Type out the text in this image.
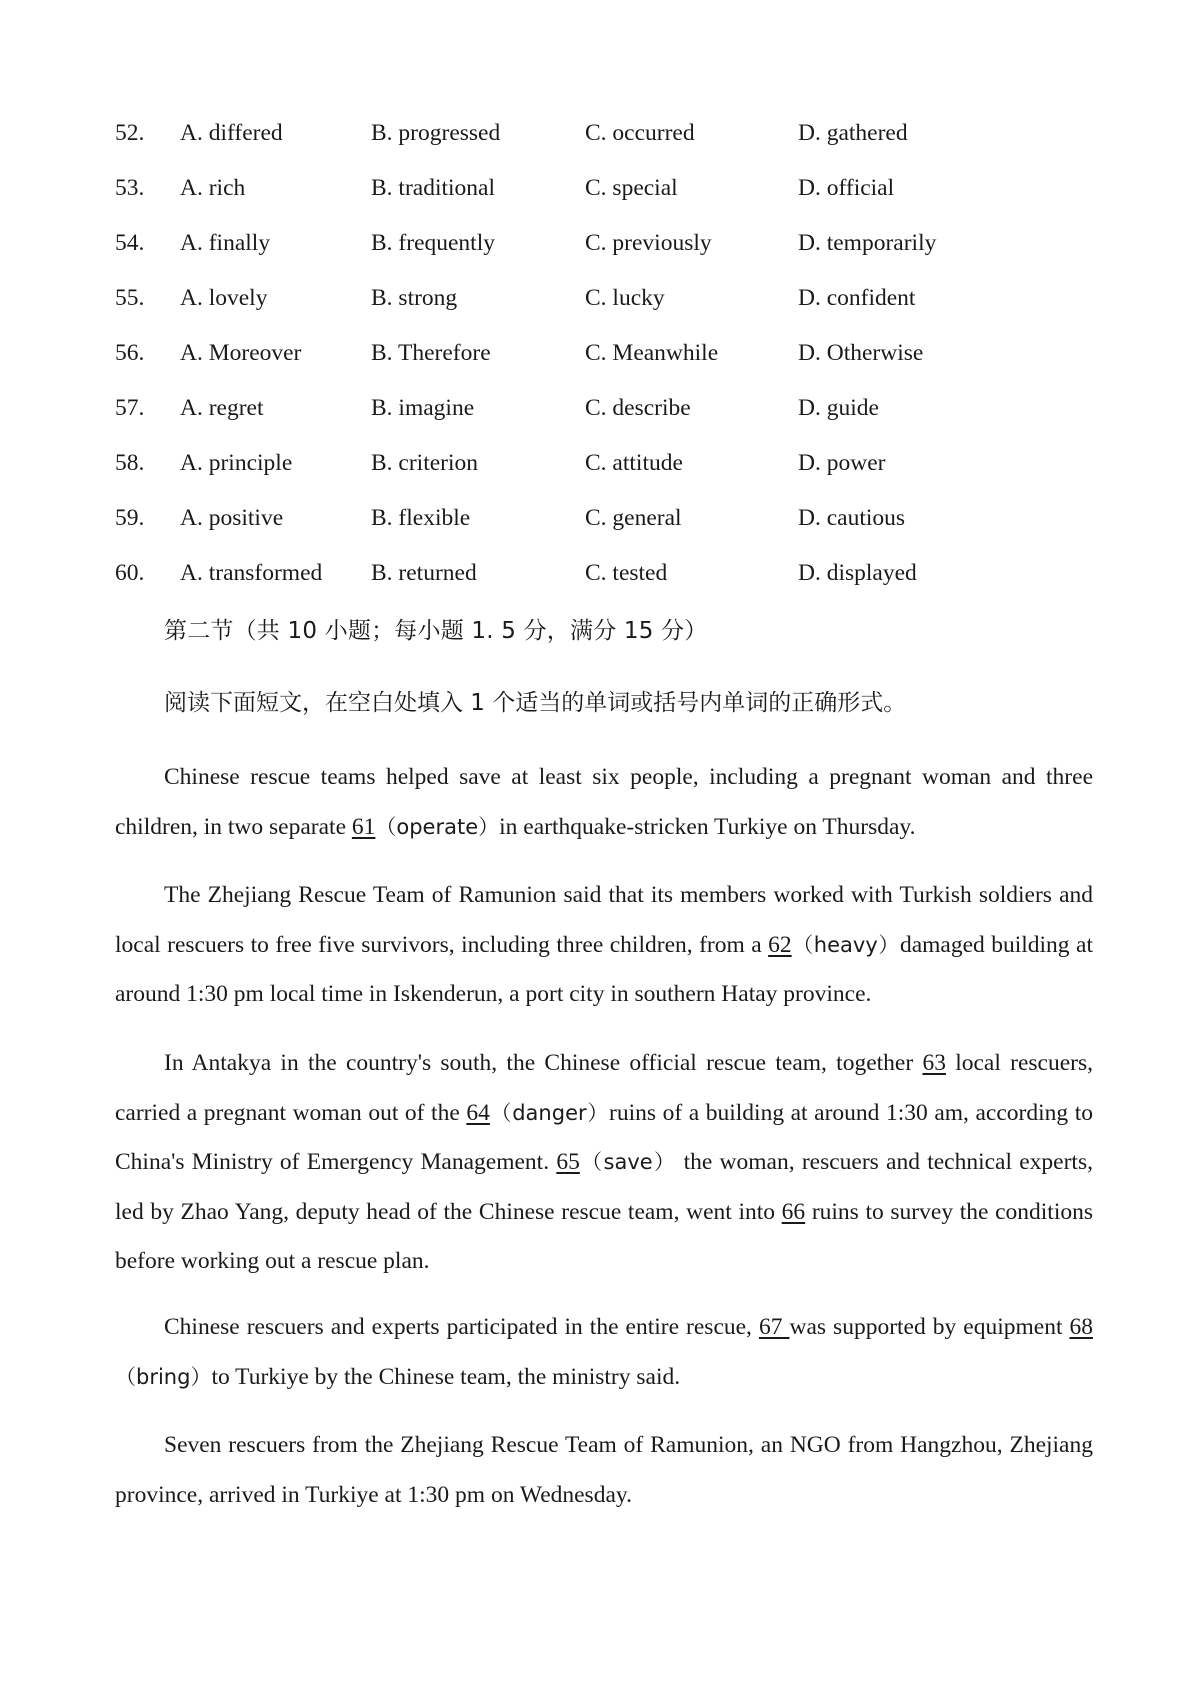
52. A. differed	B. progressed	C. occurred	D. gathered
53. A. rich	B. traditional	C. special	D. official
54. A. finally	B. frequently	C. previously	D. temporarily
55. A. lovely	B. strong	C. lucky	D. confident
56. A. Moreover	B. Therefore	C. Meanwhile	D. Otherwise
57. A. regret	B. imagine	C. describe	D. guide
58. A. principle	B. criterion	C. attitude	D. power
59. A. positive	B. flexible	C. general	D. cautious
60. A. transformed B. returned	C. tested	D. displayed
第二节（共 10 小题；每小题 1. 5 分，满分 15 分）
阅读下面短文，在空白处填入 1 个适当的单词或括号内单词的正确形式。

Chinese rescue teams helped save at least six people, including a pregnant woman and three children, in two separate 61（operate）in earthquake-stricken Turkiye on Thursday.

The Zhejiang Rescue Team of Ramunion said that its members worked with Turkish soldiers and local rescuers to free five survivors, including three children, from a 62（heavy）damaged building at around 1:30 pm local time in Iskenderun, a port city in southern Hatay province.

In Antakya in the country's south, the Chinese official rescue team, together 63 local rescuers, carried a pregnant woman out of the 64（danger）ruins of a building at around 1:30 am, according to China's Ministry of Emergency Management. 65（save） the woman, rescuers and technical experts, led by Zhao Yang, deputy head of the Chinese rescue team, went into 66 ruins to survey the conditions before working out a rescue plan.

Chinese rescuers and experts participated in the entire rescue, 67 was supported by equipment 68（bring）to Turkiye by the Chinese team, the ministry said.

Seven rescuers from the Zhejiang Rescue Team of Ramunion, an NGO from Hangzhou, Zhejiang province, arrived in Turkiye at 1:30 pm on Wednesday.
